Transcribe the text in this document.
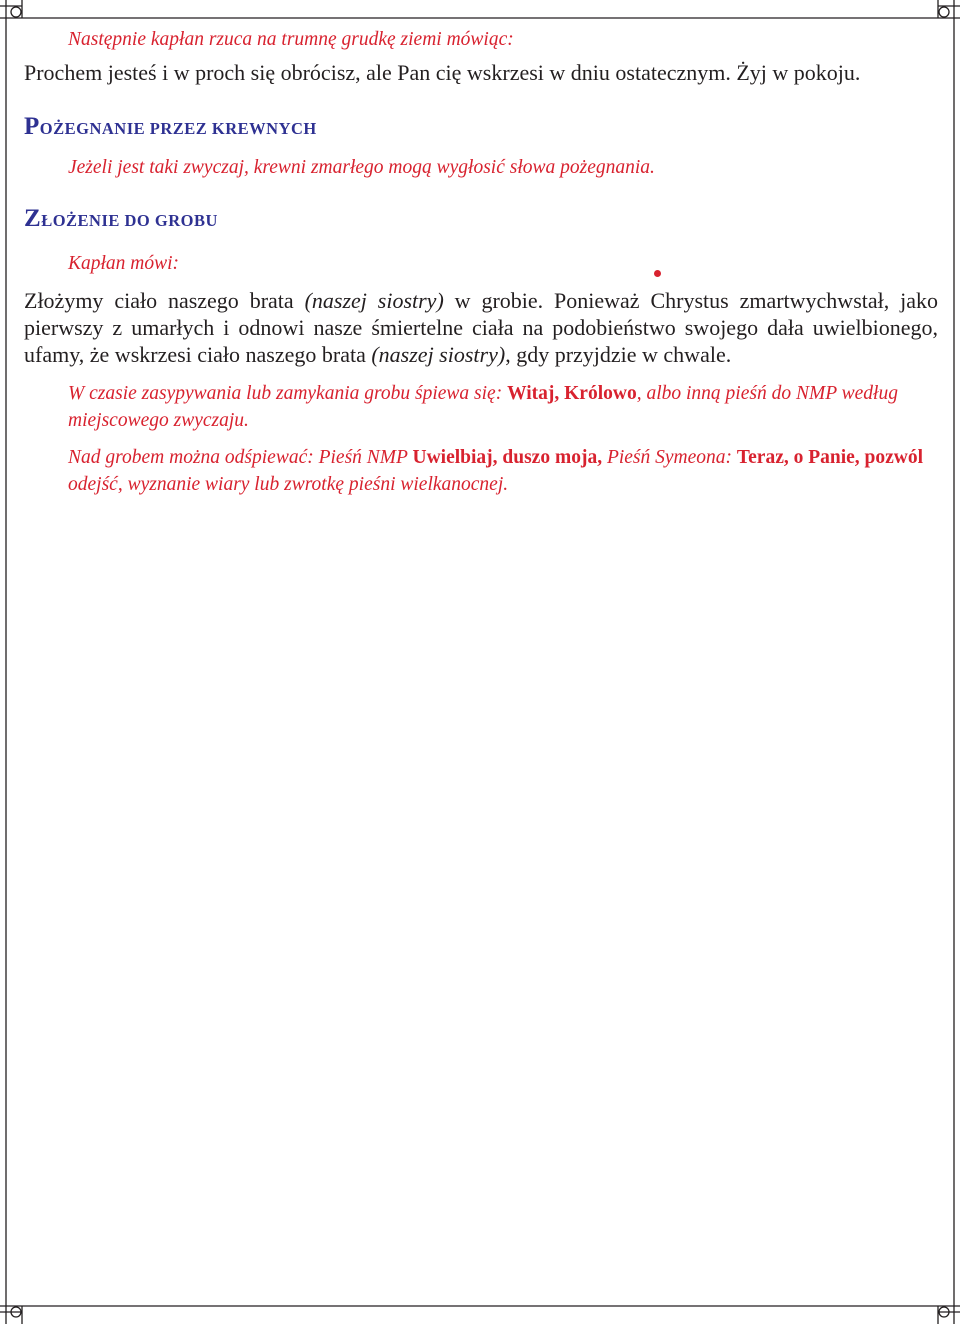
Następnie kapłan rzuca na trumnę grudkę ziemi mówiąc:

Prochem jesteś i w proch się obrócisz, ale Pan cię wskrzesi w dniu ostatecznym. Żyj w pokoju.

POŻEGNANIE PRZEZ KREWNYCH

Jeżeli jest taki zwyczaj, krewni zmarłego mogą wygłosić słowa pożegnania.

ZŁOŻENIE DO GROBU

Kapłan mówi:

Złożymy ciało naszego brata (naszej siostry) w grobie. Ponieważ Chrystus zmartwychwstał, jako pierwszy z umarłych i odnowi nasze śmiertelne ciała na podobieństwo swojego dała uwielbionego, ufamy, że wskrzesi ciało naszego brata (naszej siostry), gdy przyjdzie w chwale.

W czasie zasypywania lub zamykania grobu śpiewa się: Witaj, Królowo, albo inną pieśń do NMP według miejscowego zwyczaju.

Nad grobem można odśpiewać: Pieśń NMP Uwielbiaj, duszo moja, Pieśń Symeona: Teraz, o Panie, pozwól odejść, wyznanie wiary lub zwrotkę pieśni wielkanocnej.
